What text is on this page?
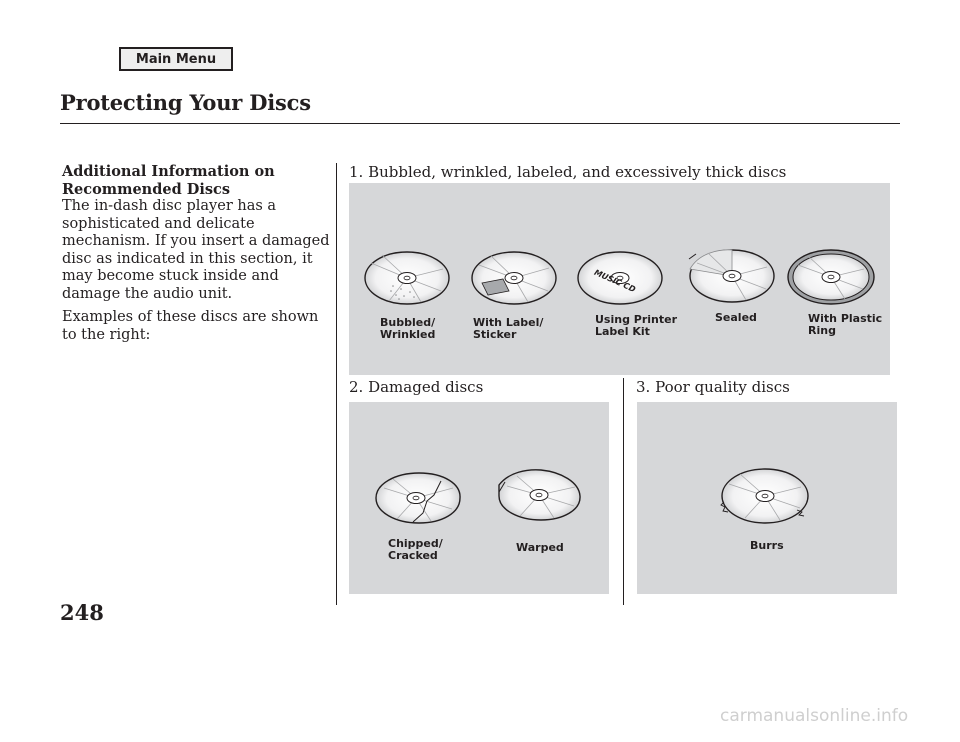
Main Menu
Protecting Your Discs

Additional Information on
Recommended Discs

The in-dash disc player has a sophisticated and delicate mechanism. If you insert a damaged disc as indicated in this section, it may become stuck inside and damage the audio unit.

Examples of these discs are shown to the right:

1. Bubbled, wrinkled, labeled, and excessively thick discs

MUSIC CD

Bubbled/
Wrinkled

With Label/
Sticker

Using Printer
Label Kit

Sealed	With Plastic
Ring

2. Damaged discs

Chipped/
Cracked

Warped

3. Poor quality discs

Burrs

248

carmanualsonline.info
